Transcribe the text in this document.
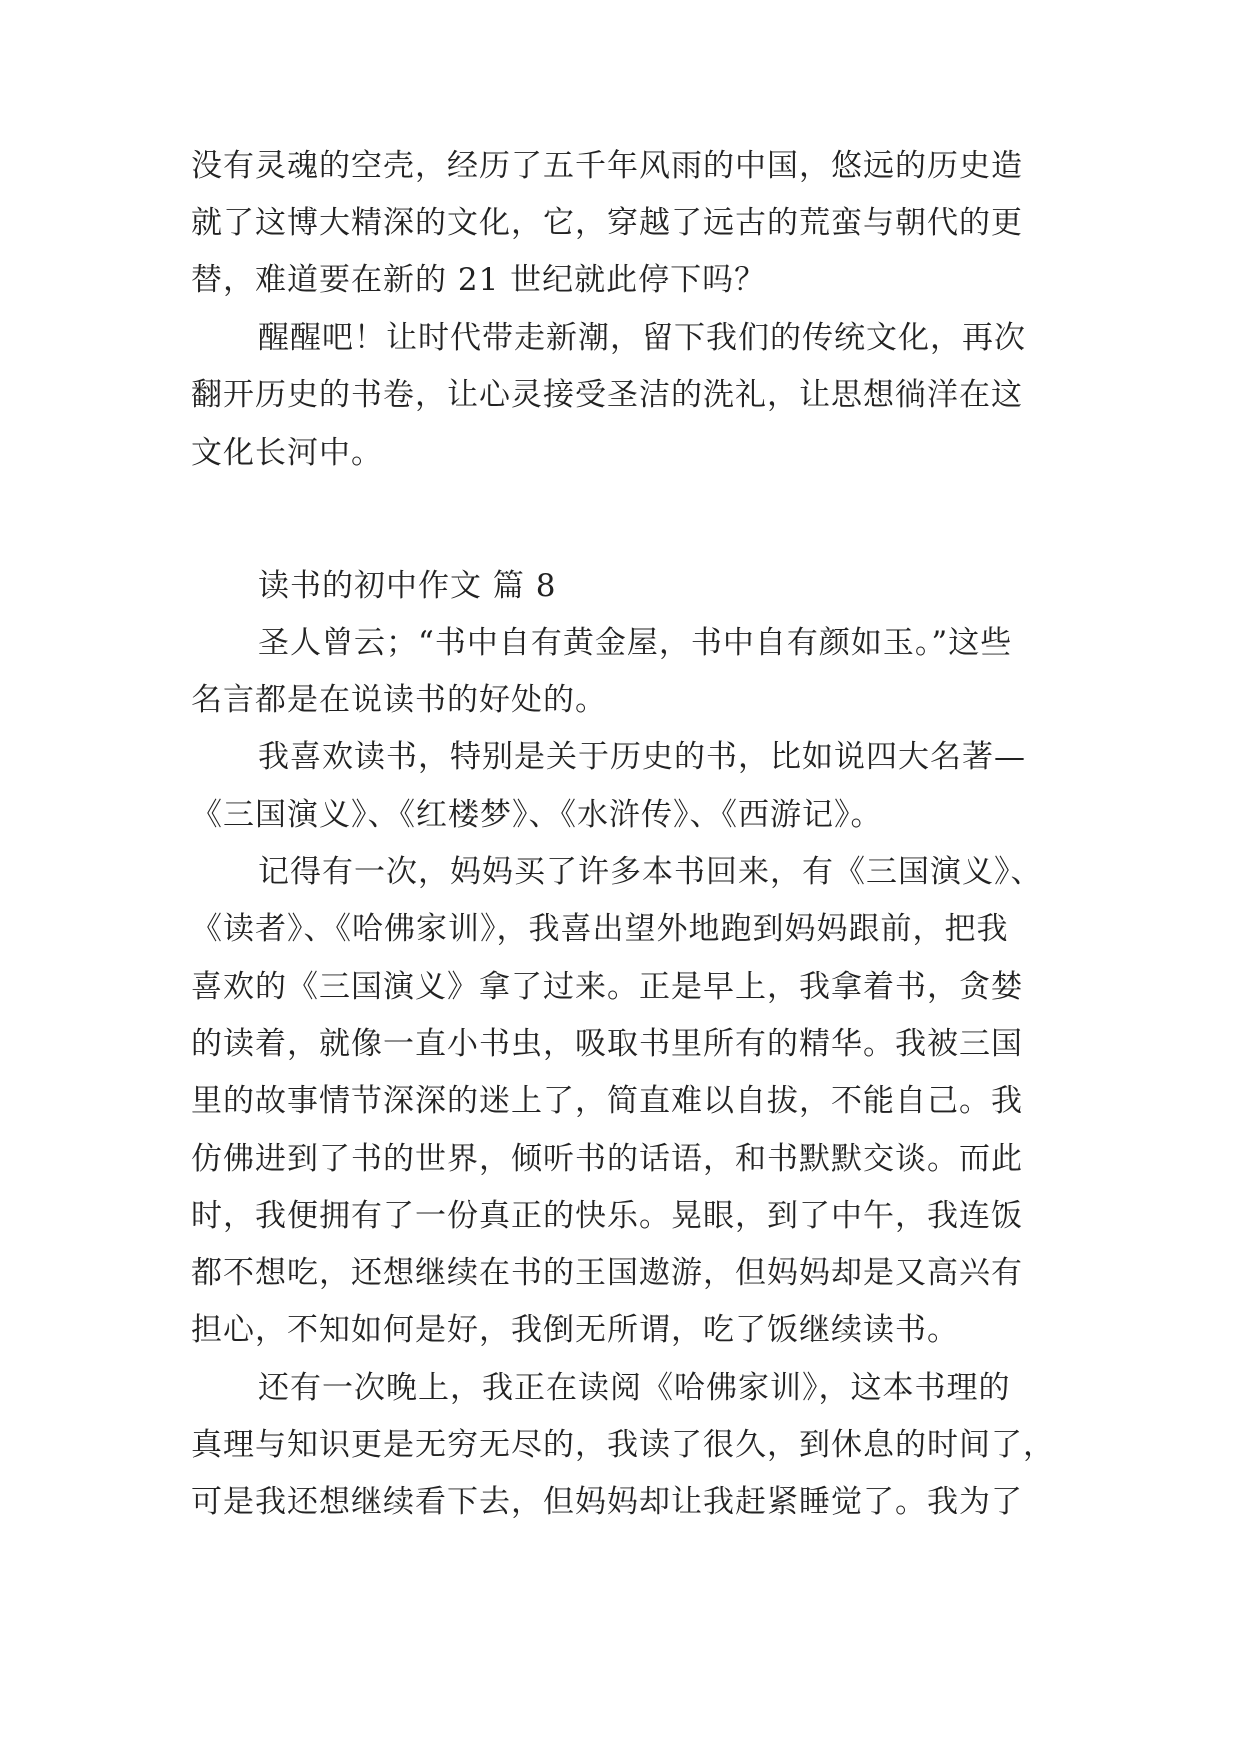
没有灵魂的空壳，经历了五千年风雨的中国，悠远的历史造
就了这博大精深的文化，它，穿越了远古的荒蛮与朝代的更
替，难道要在新的 21 世纪就此停下吗？
醒醒吧！让时代带走新潮，留下我们的传统文化，再次
翻开历史的书卷，让心灵接受圣洁的洗礼，让思想徜洋在这
文化长河中。
读书的初中作文 篇 8
圣人曾云；“书中自有黄金屋，书中自有颜如玉。”这些
名言都是在说读书的好处的。
我喜欢读书，特别是关于历史的书，比如说四大名著—
《三国演义》、《红楼梦》、《水浒传》、《西游记》。
记得有一次，妈妈买了许多本书回来，有《三国演义》、
《读者》、《哈佛家训》，我喜出望外地跑到妈妈跟前，把我
喜欢的《三国演义》拿了过来。正是早上，我拿着书，贪婪
的读着，就像一直小书虫，吸取书里所有的精华。我被三国
里的故事情节深深的迷上了，简直难以自拔，不能自己。我
仿佛进到了书的世界，倾听书的话语，和书默默交谈。而此
时，我便拥有了一份真正的快乐。晃眼，到了中午，我连饭
都不想吃，还想继续在书的王国遨游，但妈妈却是又高兴有
担心，不知如何是好，我倒无所谓，吃了饭继续读书。
还有一次晚上，我正在读阅《哈佛家训》，这本书理的
真理与知识更是无穷无尽的，我读了很久，到休息的时间了，
可是我还想继续看下去，但妈妈却让我赶紧睡觉了。我为了
